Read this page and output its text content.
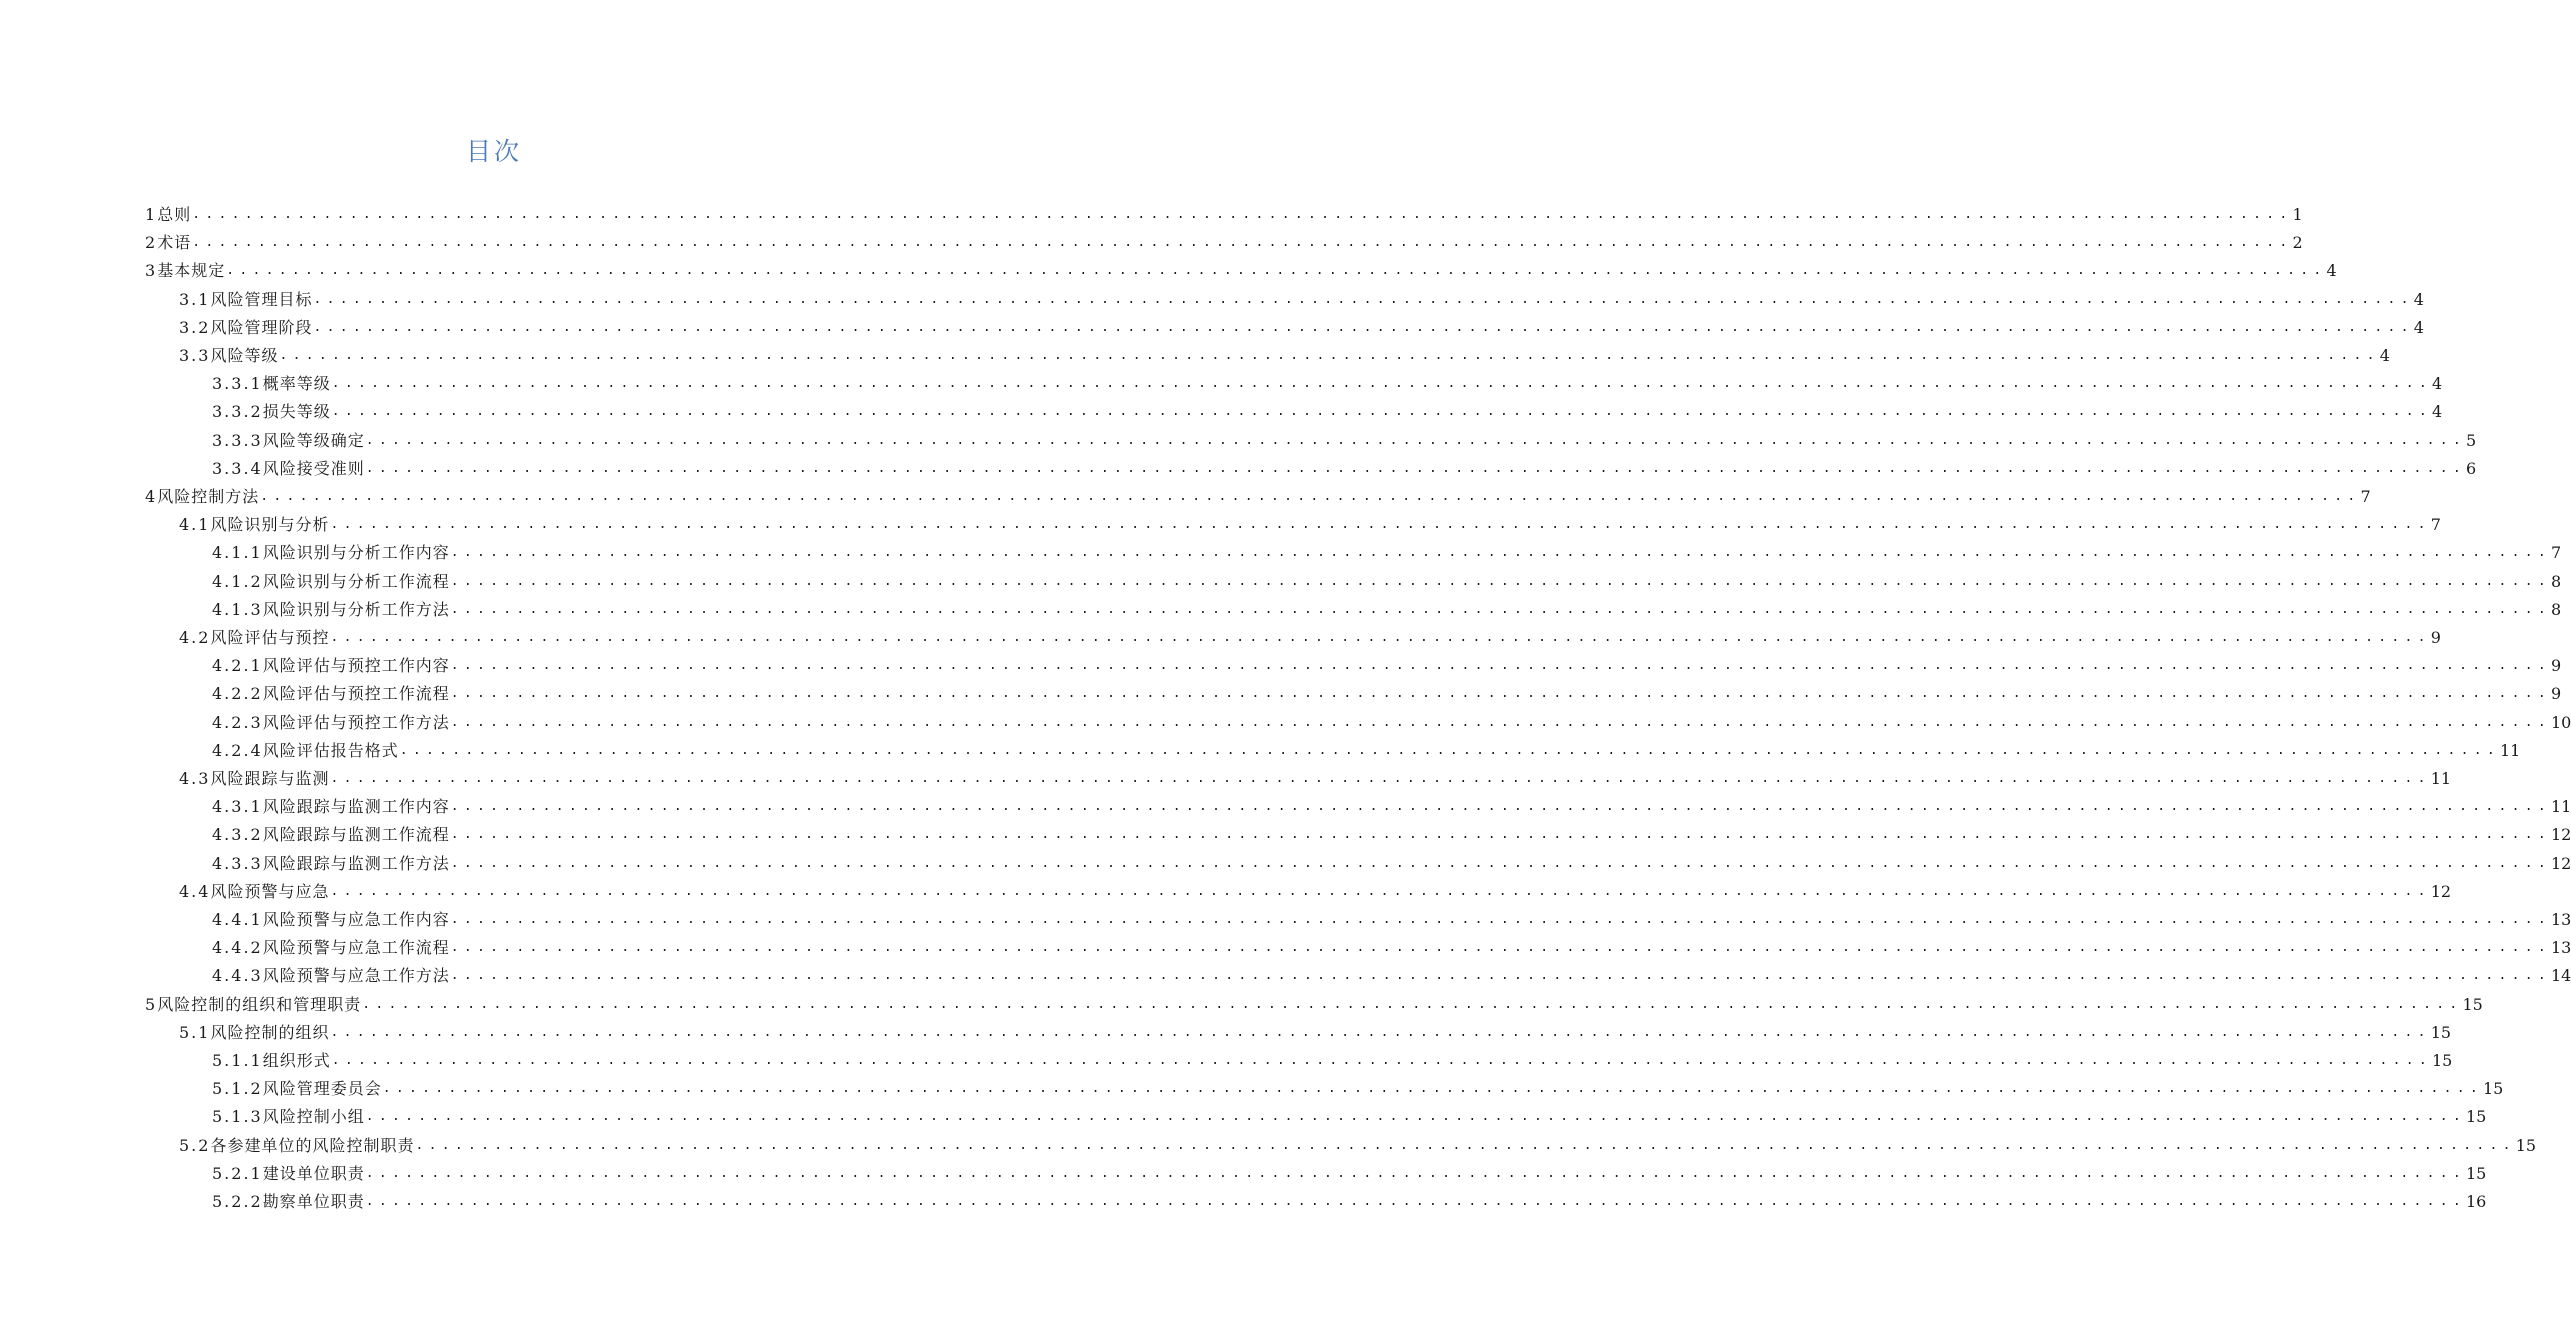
目次
1 总则 ................................................................................................................................................................ 1
2 术语 ................................................................................................................................................................ 2
3 基本规定 ................................................................................................................................................................ 4
3.1 风险管理目标 ................................................................................................................................................................ 4
3.2 风险管理阶段 ................................................................................................................................................................ 4
3.3 风险等级 ................................................................................................................................................................ 4
3.3.1 概率等级 ................................................................................................................................................................ 4
3.3.2 损失等级 ................................................................................................................................................................ 4
3.3.3 风险等级确定 ................................................................................................................................................................ 5
3.3.4 风险接受准则 ................................................................................................................................................................ 6
4 风险控制方法 ................................................................................................................................................................ 7
4.1 风险识别与分析 ................................................................................................................................................................ 7
4.1.1 风险识别与分析工作内容 ................................................................................................................................................................ 7
4.1.2 风险识别与分析工作流程 ................................................................................................................................................................ 8
4.1.3 风险识别与分析工作方法 ................................................................................................................................................................ 8
4.2 风险评估与预控 ................................................................................................................................................................ 9
4.2.1 风险评估与预控工作内容 ................................................................................................................................................................ 9
4.2.2 风险评估与预控工作流程 ................................................................................................................................................................ 9
4.2.3 风险评估与预控工作方法 ................................................................................................................................................................ 10
4.2.4 风险评估报告格式 ................................................................................................................................................................ 11
4.3 风险跟踪与监测 ................................................................................................................................................................ 11
4.3.1 风险跟踪与监测工作内容 ................................................................................................................................................................ 11
4.3.2 风险跟踪与监测工作流程 ................................................................................................................................................................ 12
4.3.3 风险跟踪与监测工作方法 ................................................................................................................................................................ 12
4.4 风险预警与应急 ................................................................................................................................................................ 12
4.4.1 风险预警与应急工作内容 ................................................................................................................................................................ 13
4.4.2 风险预警与应急工作流程 ................................................................................................................................................................ 13
4.4.3 风险预警与应急工作方法 ................................................................................................................................................................ 14
5 风险控制的组织和管理职责 ................................................................................................................................................................ 15
5.1 风险控制的组织 ................................................................................................................................................................ 15
5.1.1 组织形式 ................................................................................................................................................................ 15
5.1.2 风险管理委员会 ................................................................................................................................................................ 15
5.1.3 风险控制小组 ................................................................................................................................................................ 15
5.2 各参建单位的风险控制职责 ................................................................................................................................................................ 15
5.2.1 建设单位职责 ................................................................................................................................................................ 15
5.2.2 勘察单位职责 ................................................................................................................................................................ 16
